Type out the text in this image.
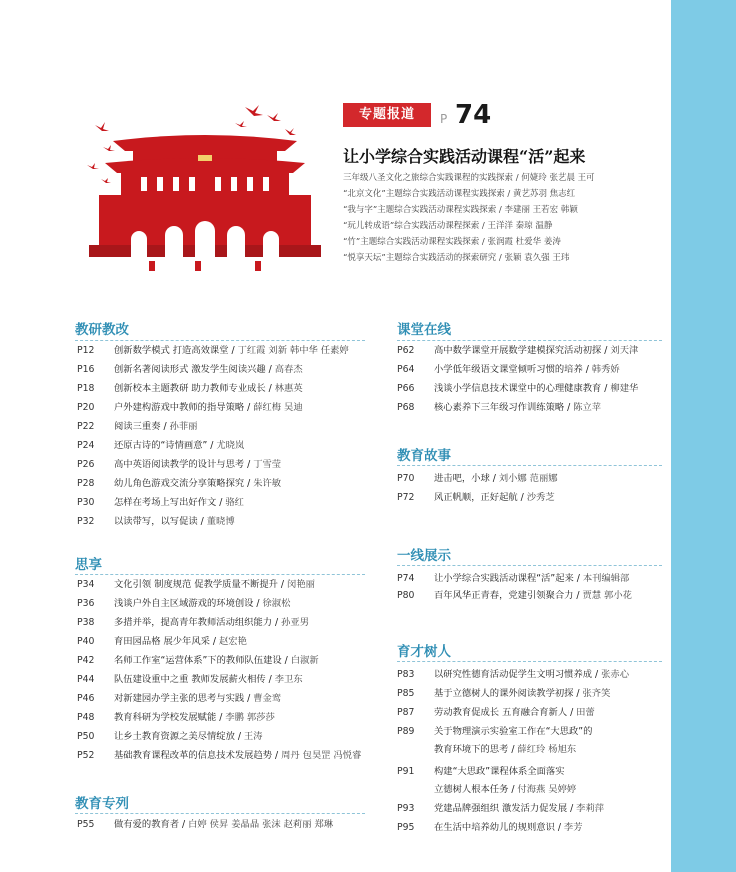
专题报道	P 74
让小学综合实践活动课程“活”起来
三年级八圣文化之旅综合实践课程的实践探索 / 何婕玲 张艺晨 王可
“北京文化”主题综合实践活动课程实践探索 / 黄艺苏羽 焦志红
“我与字”主题综合实践活动课程实践探索 / 李建丽 王若宏 韩颖
“玩儿转成语”综合实践活动课程探索 / 王洋洋 秦琼 温静
“竹”主题综合实践活动课程实践探索 / 张润霞 杜爱华 姜涛
“悦享天坛”主题综合实践活动的探索研究 / 张颖 袁久强 王玮
教研教改
P12 创新数学模式 打造高效课堂 / 丁红霞 刘新 韩中华 任素婷
P16 创新名著阅读形式 激发学生阅读兴趣 / 高春杰
P18 创新校本主题教研 助力教师专业成长 / 林惠英
P20 户外建构游戏中教师的指导策略 / 薛红梅 吴迪
P22 阅读三重奏 / 孙菲丽
P24 还原古诗的“诗情画意” / 尤晓岚
P26 高中英语阅读教学的设计与思考 / 丁雪莹
P28 幼儿角色游戏交流分享策略探究 / 朱许敏
P30 怎样在考场上写出好作文 / 骆红
P32 以读带写，以写促读 / 董晓博
思享
P34 文化引领 制度规范 促教学质量不断提升 / 闵艳丽
P36 浅谈户外自主区域游戏的环境创设 / 徐淑松
P38 多措并举，提高青年教师活动组织能力 / 孙亚男
P40 育田园品格 展少年风采 / 赵宏艳
P42 名师工作室“运营体系”下的教师队伍建设 / 白淑新
P44 队伍建设重中之重 教师发展薪火相传 / 李卫东
P46 对新建园办学主张的思考与实践 / 曹金鸾
P48 教育科研为学校发展赋能 / 李鹏 郭莎莎
P50 让乡土教育资源之美尽情绽放 / 王涛
P52 基础教育课程改革的信息技术发展趋势 / 周丹 包昊罡 冯悦睿
教育专列
P55 做有爱的教育者 / 白婷 侯昇 姜晶晶 张沫 赵莉丽 郑琳
课堂在线
P62 高中数学课堂开展数学建模探究活动初探 / 刘天津
P64 小学低年级语文课堂倾听习惯的培养 / 韩秀娇
P66 浅谈小学信息技术课堂中的心理健康教育 / 柳建华
P68 核心素养下三年级习作训练策略 / 陈立苹
教育故事
P70 进击吧，小球 / 刘小娜 范丽娜
P72 风正帆顺，正好起航 / 沙秀芝
一线展示
P74 让小学综合实践活动课程“活”起来 / 本刊编辑部
P80 百年风华正青春，党建引领聚合力 / 贾慧 郭小花
育才树人
P83 以研究性德育活动促学生文明习惯养成 / 张赤心
P85 基于立德树人的课外阅读教学初探 / 张齐笑
P87 劳动教育促成长 五育融合育新人 / 田蕾
P89 关于物理演示实验室工作在“大思政”的
教育环境下的思考 / 薛红玲 杨旭东
P91 构建“大思政”课程体系全面落实
立德树人根本任务 / 付海燕 吴婷婷
P93 党建品牌强组织 激发活力促发展 / 李莉萍
P95 在生活中培养幼儿的规则意识 / 李芳
